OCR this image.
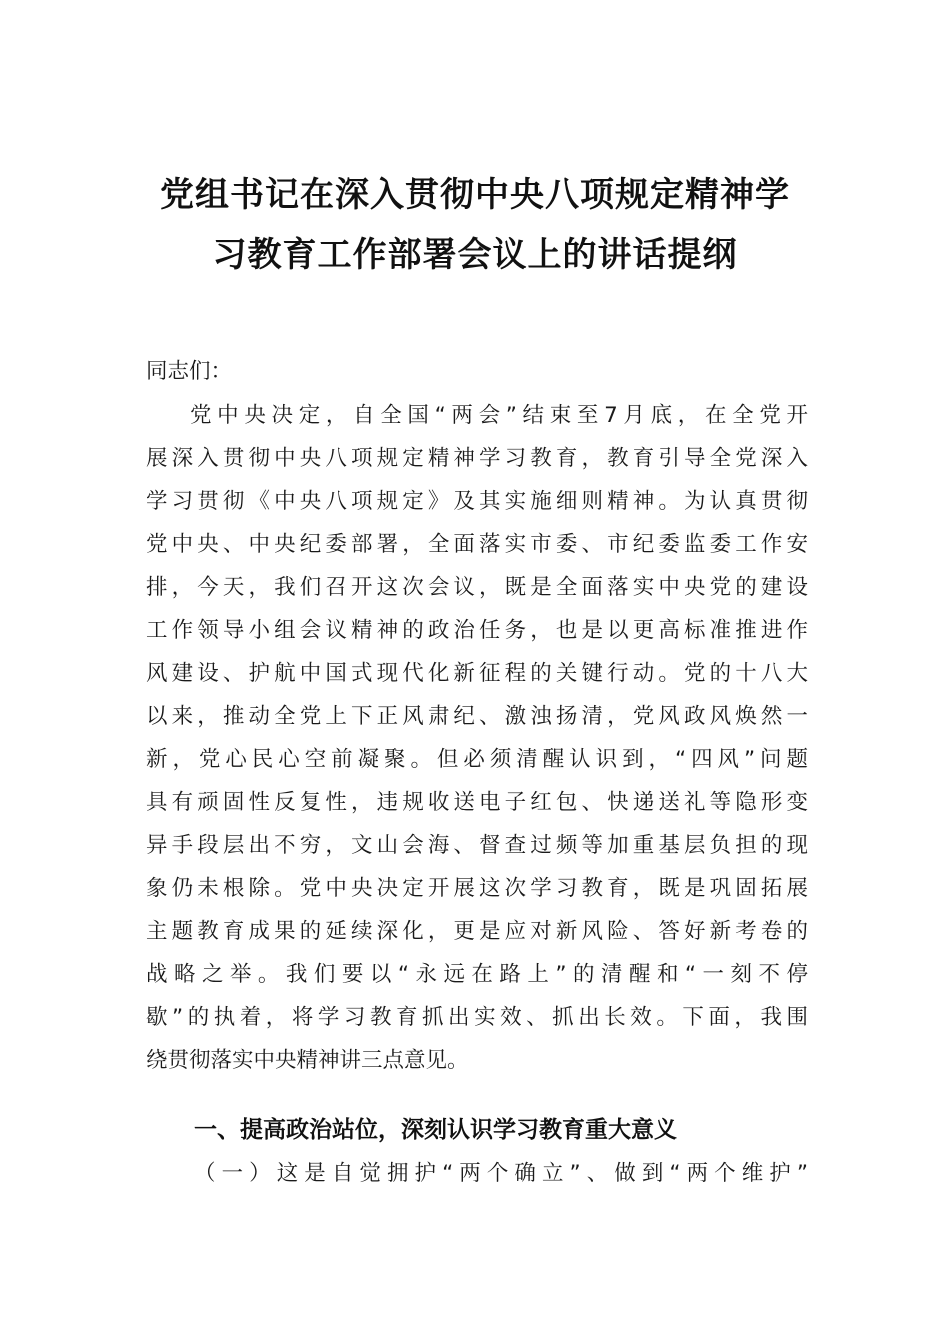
党组书记在深入贯彻中央八项规定精神学
习教育工作部署会议上的讲话提纲
同志们：
党中央决定，自全国“两会”结束至7月底，在全党开
展深入贯彻中央八项规定精神学习教育，教育引导全党深入
学习贯彻《中央八项规定》及其实施细则精神。为认真贯彻
党中央、中央纪委部署，全面落实市委、市纪委监委工作安
排，今天，我们召开这次会议，既是全面落实中央党的建设
工作领导小组会议精神的政治任务，也是以更高标准推进作
风建设、护航中国式现代化新征程的关键行动。党的十八大
以来，推动全党上下正风肃纪、激浊扬清，党风政风焕然一
新，党心民心空前凝聚。但必须清醒认识到，“四风”问题
具有顽固性反复性，违规收送电子红包、快递送礼等隐形变
异手段层出不穷，文山会海、督查过频等加重基层负担的现
象仍未根除。党中央决定开展这次学习教育，既是巩固拓展
主题教育成果的延续深化，更是应对新风险、答好新考卷的
战略之举。我们要以“永远在路上”的清醒和“一刻不停
歇”的执着，将学习教育抓出实效、抓出长效。下面，我围
绕贯彻落实中央精神讲三点意见。
一、提高政治站位，深刻认识学习教育重大意义
（一）这是自觉拥护“两个确立”、做到“两个维护”
